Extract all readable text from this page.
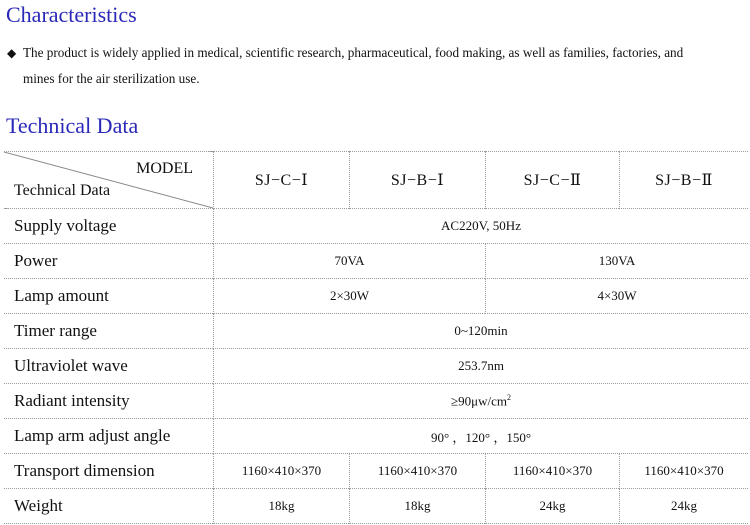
Characteristics

◆ The product is widely applied in medical, scientific research, pharmaceutical, food making, as well as families, factories, and
mines for the air sterilization use.

Technical Data
MODEL
Technical Data	SJ−C−Ⅰ	SJ−B−Ⅰ	SJ−C−Ⅱ	SJ−B−Ⅱ
Supply voltage	AC220V, 50Hz			
Power	70VA		130VA	
Lamp amount	2×30W		4×30W	
Timer range	0~120min			
Ultraviolet wave	253.7nm			
Radiant intensity	$\ge 90\mu w/cm^2$
Lamp arm adjust angle	90° ，120° ，150°			
Transport dimension	1160×410×370	1160×410×370	1160×410×370	1160×410×370
Weight	18kg	18kg	24kg	24kg
